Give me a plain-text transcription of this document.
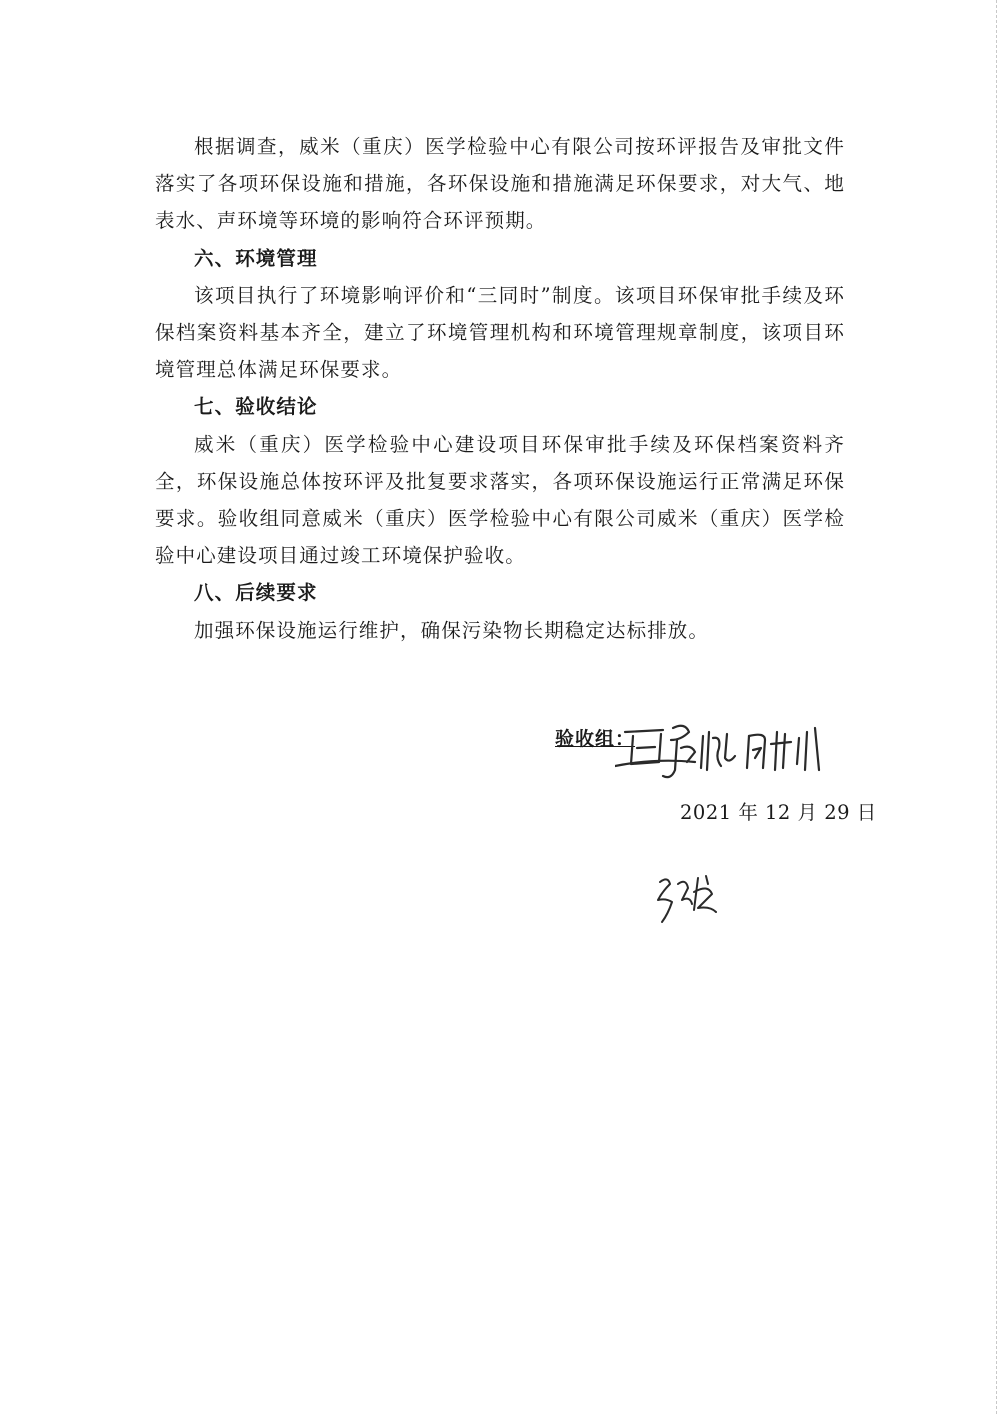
根据调查，威米（重庆）医学检验中心有限公司按环评报告及审批文件落实了各项环保设施和措施，各环保设施和措施满足环保要求，对大气、地表水、声环境等环境的影响符合环评预期。

六、环境管理

该项目执行了环境影响评价和“三同时”制度。该项目环保审批手续及环保档案资料基本齐全，建立了环境管理机构和环境管理规章制度，该项目环境管理总体满足环保要求。

七、验收结论

威米（重庆）医学检验中心建设项目环保审批手续及环保档案资料齐全，环保设施总体按环评及批复要求落实，各项环保设施运行正常满足环保要求。验收组同意威米（重庆）医学检验中心有限公司威米（重庆）医学检验中心建设项目通过竣工环境保护验收。

八、后续要求

加强环保设施运行维护，确保污染物长期稳定达标排放。

验收组：
2021 年 12 月 29 日
